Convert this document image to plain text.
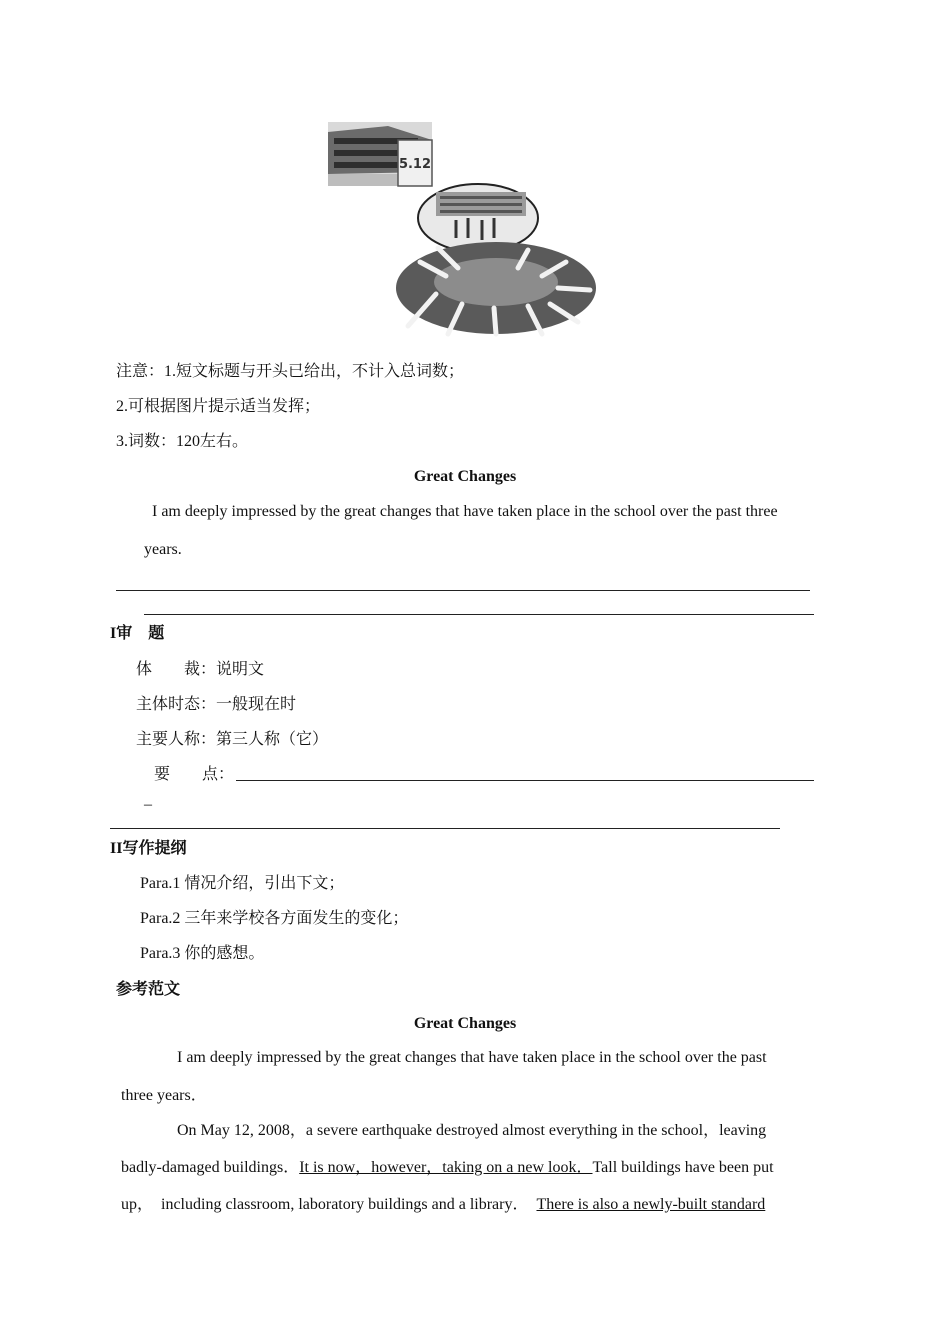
5.12
注意：1.短文标题与开头已给出，不计入总词数；
2.可根据图片提示适当发挥；
3.词数：120左右。
Great Changes
I am deeply impressed by the great changes that have taken place in the school over the past three
years.
I审　题
体　　裁：说明文
主体时态：一般现在时
主要人称：第三人称（它）
要　　点：
–
II写作提纲
Para.1 情况介绍，引出下文；
Para.2 三年来学校各方面发生的变化；
Para.3 你的感想。
参考范文
Great Changes
I am deeply impressed by the great changes that have taken place in the school over the past
three years．
On May 12, 2008，a severe earthquake destroyed almost everything in the school，leaving
badly-damaged buildings．It is now，however，taking on a new look．Tall buildings have been put
up，　including classroom, laboratory buildings and a library． There is also a newly-built standard
